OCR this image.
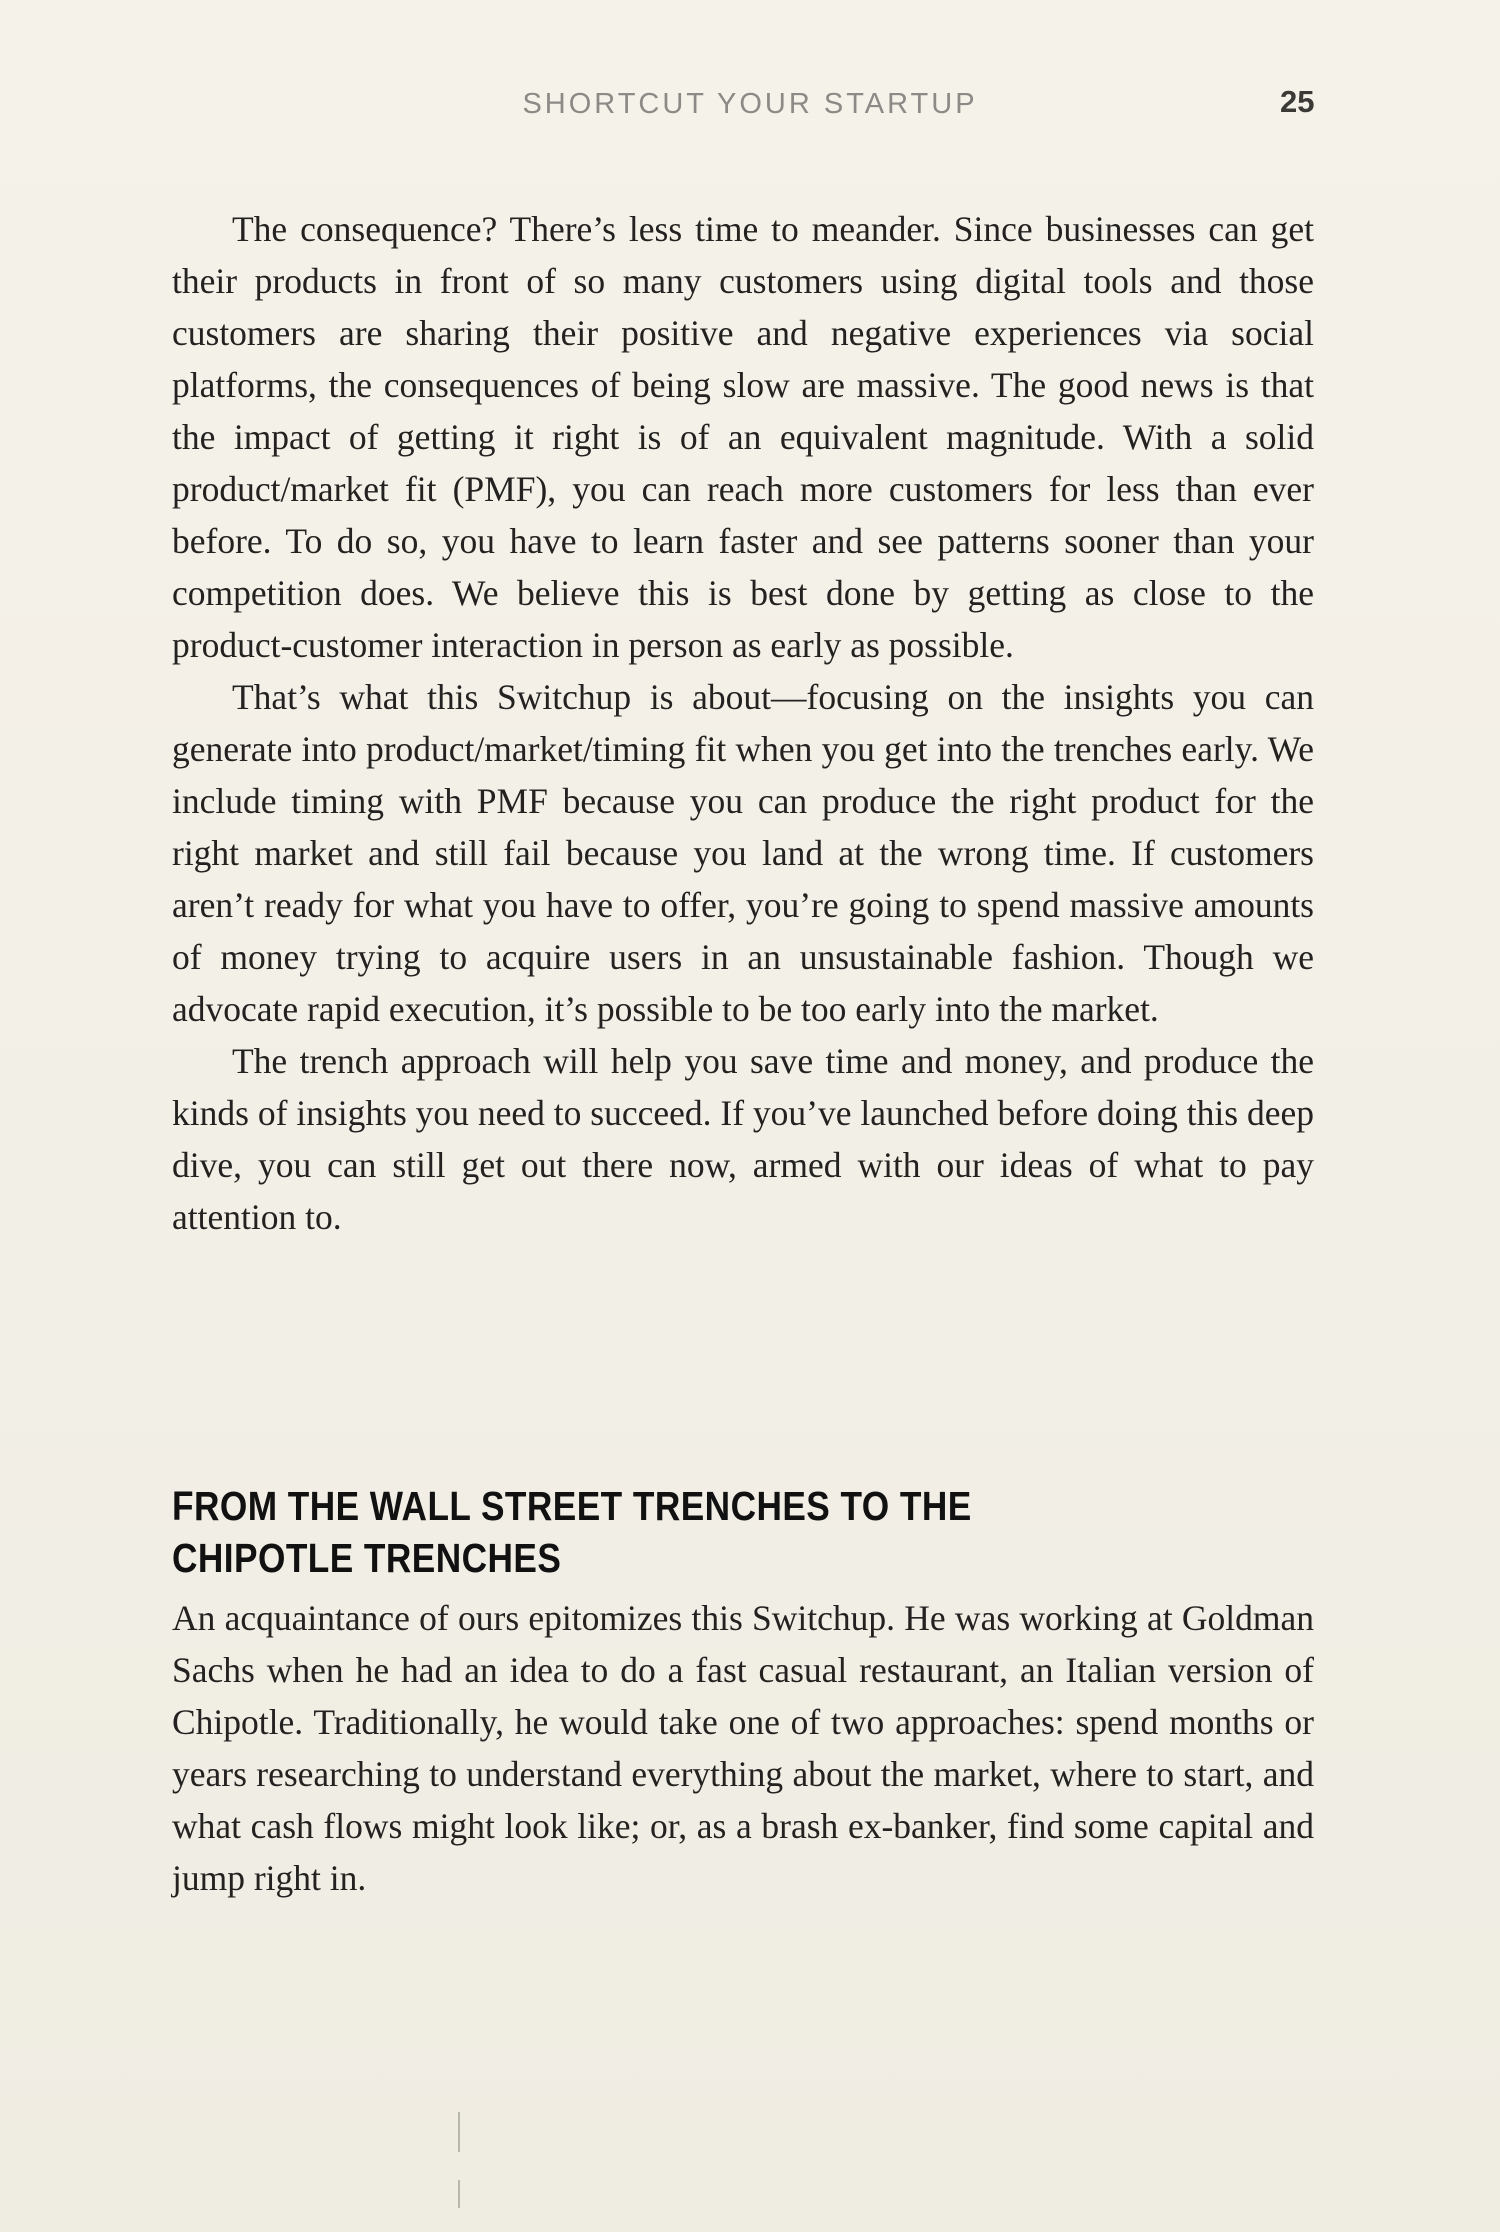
SHORTCUT YOUR STARTUP	25

The consequence? There’s less time to meander. Since businesses can get their products in front of so many customers using digital tools and those customers are sharing their positive and negative experiences via social platforms, the consequences of being slow are massive. The good news is that the impact of getting it right is of an equivalent magnitude. With a solid product/market fit (PMF), you can reach more customers for less than ever before. To do so, you have to learn faster and see patterns sooner than your competition does. We believe this is best done by getting as close to the product-customer interaction in person as early as possible.

That’s what this Switchup is about—focusing on the insights you can generate into product/market/timing fit when you get into the trenches early. We include timing with PMF because you can produce the right product for the right market and still fail because you land at the wrong time. If customers aren’t ready for what you have to offer, you’re going to spend massive amounts of money trying to acquire users in an unsustainable fashion. Though we advocate rapid execution, it’s possible to be too early into the market.

The trench approach will help you save time and money, and produce the kinds of insights you need to succeed. If you’ve launched before doing this deep dive, you can still get out there now, armed with our ideas of what to pay attention to.

FROM THE WALL STREET TRENCHES TO THE
CHIPOTLE TRENCHES

An acquaintance of ours epitomizes this Switchup. He was working at Goldman Sachs when he had an idea to do a fast casual restaurant, an Italian version of Chipotle. Traditionally, he would take one of two approaches: spend months or years researching to understand everything about the market, where to start, and what cash flows might look like; or, as a brash ex-banker, find some capital and jump right in.
